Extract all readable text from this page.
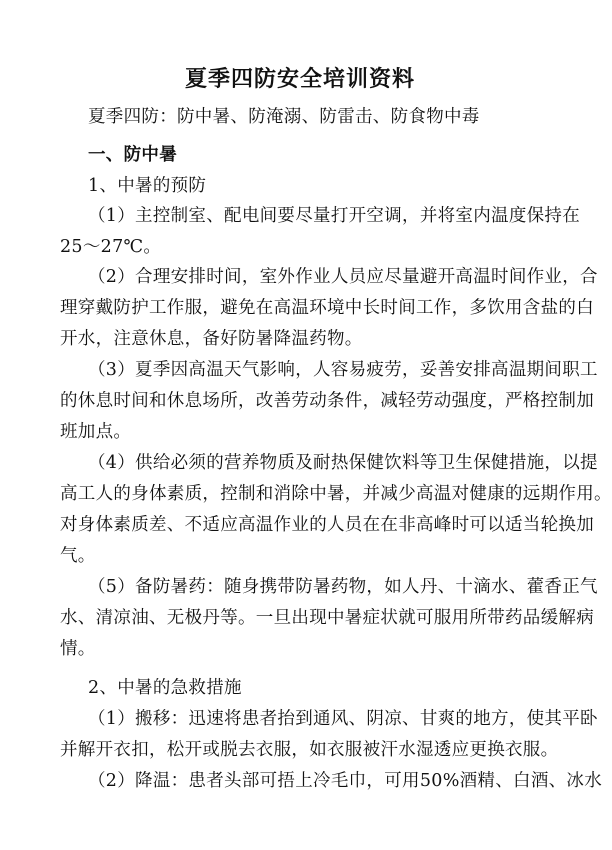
夏季四防安全培训资料
夏季四防：防中暑、防淹溺、防雷击、防食物中毒
一、防中暑
1、中暑的预防
（1）主控制室、配电间要尽量打开空调，并将室内温度保持在
25～27℃。
（2）合理安排时间，室外作业人员应尽量避开高温时间作业，合
理穿戴防护工作服，避免在高温环境中长时间工作，多饮用含盐的白
开水，注意休息，备好防暑降温药物。
（3）夏季因高温天气影响，人容易疲劳，妥善安排高温期间职工
的休息时间和休息场所，改善劳动条件，减轻劳动强度，严格控制加
班加点。
（4）供给必须的营养物质及耐热保健饮料等卫生保健措施，以提
高工人的身体素质，控制和消除中暑，并减少高温对健康的远期作用。
对身体素质差、不适应高温作业的人员在在非高峰时可以适当轮换加
气。
（5）备防暑药：随身携带防暑药物，如人丹、十滴水、藿香正气
水、清凉油、无极丹等。一旦出现中暑症状就可服用所带药品缓解病
情。
2、中暑的急救措施
（1）搬移：迅速将患者抬到通风、阴凉、甘爽的地方，使其平卧
并解开衣扣，松开或脱去衣服，如衣服被汗水湿透应更换衣服。
（2）降温：患者头部可捂上冷毛巾，可用50%酒精、白酒、冰水
